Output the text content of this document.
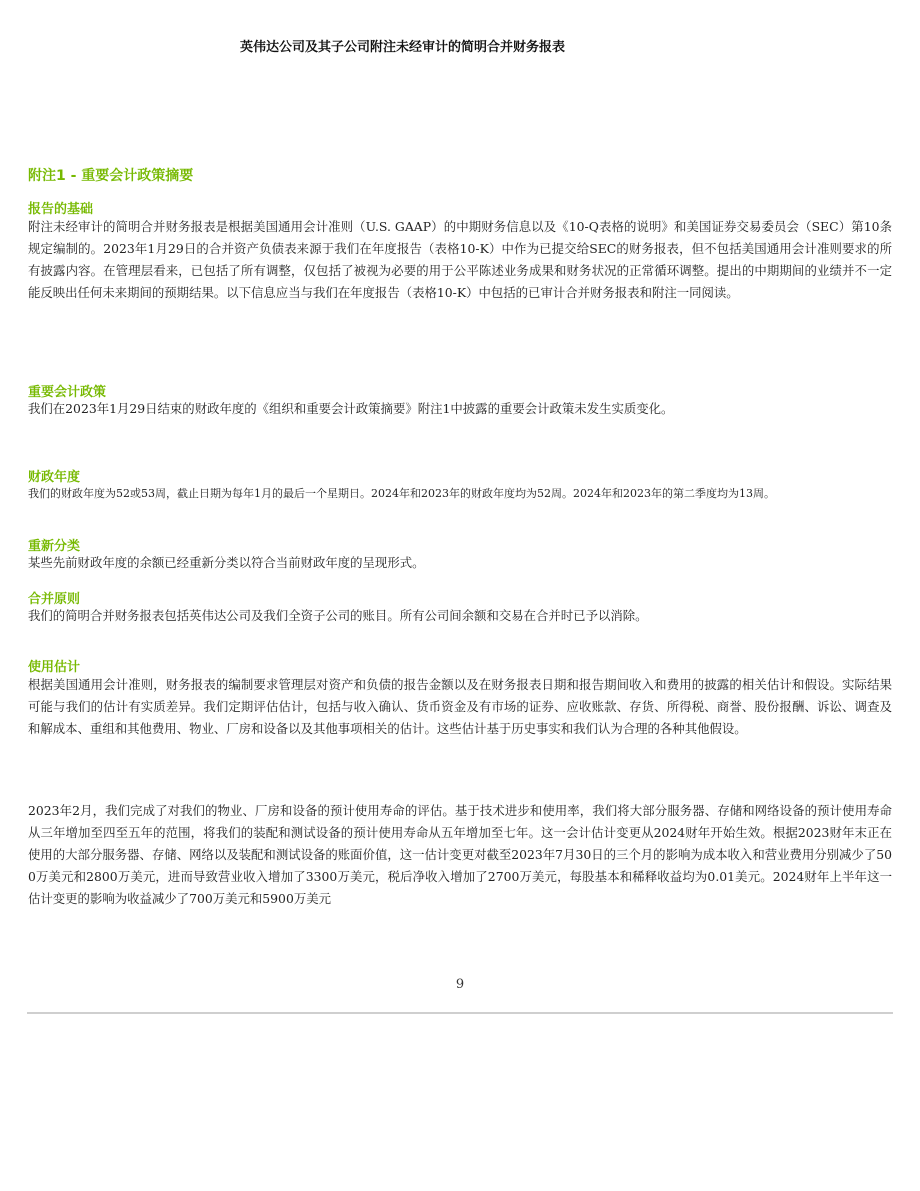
英伟达公司及其子公司附注未经审计的简明合并财务报表
附注1 - 重要会计政策摘要
报告的基础
附注未经审计的简明合并财务报表是根据美国通用会计准则（U.S. GAAP）的中期财务信息以及《10-Q表格的说明》和美国证券交易委员会（SEC）第10条规定编制的。2023年1月29日的合并资产负债表来源于我们在年度报告（表格10-K）中作为已提交给SEC的财务报表，但不包括美国通用会计准则要求的所有披露内容。在管理层看来，已包括了所有调整，仅包括了被视为必要的用于公平陈述业务成果和财务状况的正常循环调整。提出的中期期间的业绩并不一定能反映出任何未来期间的预期结果。以下信息应当与我们在年度报告（表格10-K）中包括的已审计合并财务报表和附注一同阅读。
重要会计政策
我们在2023年1月29日结束的财政年度的《组织和重要会计政策摘要》附注1中披露的重要会计政策未发生实质变化。
财政年度
我们的财政年度为52或53周，截止日期为每年1月的最后一个星期日。2024年和2023年的财政年度均为52周。2024年和2023年的第二季度均为13周。
重新分类
某些先前财政年度的余额已经重新分类以符合当前财政年度的呈现形式。
合并原则
我们的简明合并财务报表包括英伟达公司及我们全资子公司的账目。所有公司间余额和交易在合并时已予以消除。
使用估计
根据美国通用会计准则，财务报表的编制要求管理层对资产和负债的报告金额以及在财务报表日期和报告期间收入和费用的披露的相关估计和假设。实际结果可能与我们的估计有实质差异。我们定期评估估计，包括与收入确认、货币资金及有市场的证券、应收账款、存货、所得税、商誉、股份报酬、诉讼、调查及和解成本、重组和其他费用、物业、厂房和设备以及其他事项相关的估计。这些估计基于历史事实和我们认为合理的各种其他假设。
2023年2月，我们完成了对我们的物业、厂房和设备的预计使用寿命的评估。基于技术进步和使用率，我们将大部分服务器、存储和网络设备的预计使用寿命从三年增加至四至五年的范围，将我们的装配和测试设备的预计使用寿命从五年增加至七年。这一会计估计变更从2024财年开始生效。根据2023财年末正在使用的大部分服务器、存储、网络以及装配和测试设备的账面价值，这一估计变更对截至2023年7月30日的三个月的影响为成本收入和营业费用分别减少了500万美元和2800万美元，进而导致营业收入增加了3300万美元，税后净收入增加了2700万美元，每股基本和稀释收益均为0.01美元。2024财年上半年这一估计变更的影响为收益减少了700万美元和5900万美元
9
